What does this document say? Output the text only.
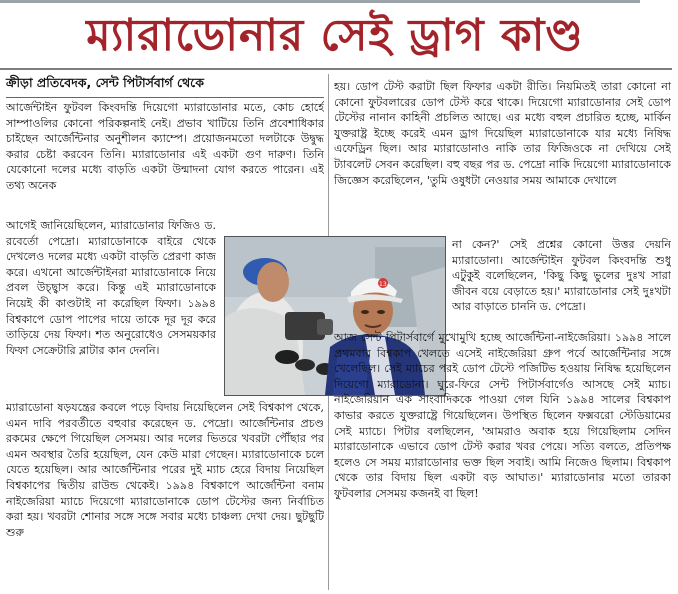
ম্যারাডোনার সেই ড্রাগ কাণ্ড
ক্রীড়া প্রতিবেদক, সেন্ট পিটার্সবার্গ থেকে

আর্জেন্টাইন ফুটবল কিংবদন্তি দিয়েগো ম্যারাডোনার মতে, কোচ হোর্হে সাম্পাওলির কোনো পরিকল্পনাই নেই। প্রভাব খাটিয়ে তিনি প্রবেশাধিকার চাইছেন আর্জেন্টিনার অনুশীলন ক্যাম্পে। প্রয়োজনমতো দলটাকে উদ্বুদ্ধ করার চেষ্টা করবেন তিনি। ম্যারাডোনার এই একটা গুণ দারুণ। তিনি যেকোনো দলের মধ্যে বাড়তি একটা উন্মাদনা যোগ করতে পারেন। এই তথ্য অনেক

আগেই জানিয়েছিলেন, ম্যারাডোনার ফিজিও ড. রবের্তো পেদ্রো। ম্যারাডোনাকে বাইরে থেকে দেখলেও দলের মধ্যে একটা বাড়তি প্রেরণা কাজ করে। এখনো আর্জেন্টাইনরা ম্যারাডোনাকে নিয়ে প্রবল উচ্ছ্বাস করে। কিন্তু এই ম্যারাডোনাকে নিয়েই কী কাণ্ডটাই না করেছিল ফিফা। ১৯৯৪ বিশ্বকাপে ডোপ পাপের দায়ে তাকে দূর দূর করে তাড়িয়ে দেয় ফিফা। শত অনুরোধেও সেসময়কার ফিফা সেক্রেটারি ব্লাটার কান দেননি।

ম্যারাডোনা ষড়যন্ত্রের কবলে পড়ে বিদায় নিয়েছিলেন সেই বিশ্বকাপ থেকে, এমন দাবি পরবর্তীতে বহুবার করেছেন ড. পেদ্রো। আর্জেন্টিনার প্রচণ্ড রকমের ক্ষেপে গিয়েছিল সেসময়। আর দলের ভিতরে খবরটা পৌঁছার পর এমন অবস্থার তৈরি হয়েছিল, যেন কেউ মারা গেছেন। ম্যারাডোনাকে চলে যেতে হয়েছিল। আর আর্জেন্টিনার পরের দুই ম্যাচ হেরে বিদায় নিয়েছিল বিশ্বকাপের দ্বিতীয় রাউন্ড থেকেই। ১৯৯৪ বিশ্বকাপে আর্জেন্টিনা বনাম নাইজেরিয়া ম্যাচে দিয়েগো ম্যারাডোনাকে ডোপ টেস্টের জন্য নির্বাচিত করা হয়। খবরটা শোনার সঙ্গে সঙ্গে সবার মধ্যে চাঞ্চল্য দেখা দেয়। ছুটছুটি শুরু

13

হয়। ডোপ টেস্ট করাটা ছিল ফিফার একটা রীতি। নিয়মিতই তারা কোনো না কোনো ফুটবলারের ডোপ টেস্ট করে থাকে। দিয়েগো ম্যারাডোনার সেই ডোপ টেস্টের নানান কাহিনী প্রচলিত আছে। এর মধ্যে বহুল প্রচারিত হচ্ছে, মার্কিন যুক্তরাষ্ট্র ইচ্ছে করেই এমন ড্রাগ দিয়েছিল ম্যারাডোনাকে যার মধ্যে নিষিদ্ধ এফেড্রিন ছিল। আর ম্যারাডোনাও নাকি তার ফিজিওকে না দেখিয়ে সেই ট্যাবলেট সেবন করেছিল। বহু বছর পর ড. পেদ্রো নাকি দিয়েগো ম্যারাডোনাকে জিজ্ঞেস করেছিলেন, 'তুমি ওষুধটা নেওয়ার সময় আমাকে দেখালে

না কেন?' সেই প্রশ্নের কোনো উত্তর দেয়নি ম্যারাডোনা। আর্জেন্টাইন ফুটবল কিংবদন্তি শুধু এটুকুই বলেছিলেন, 'কিছু কিছু ভুলের দুঃখ সারা জীবন বয়ে বেড়াতে হয়।' ম্যারাডোনার সেই দুঃখটা আর বাড়াতে চাননি ড. পেদ্রো।

আজ সেন্ট পিটার্সবার্গে মুখোমুখি হচ্ছে আর্জেন্টিনা-নাইজেরিয়া। ১৯৯৪ সালে প্রথমবার বিশ্বকাপ খেলতে এসেই নাইজেরিয়া গ্রুপ পর্বে আর্জেন্টিনার সঙ্গে খেলেছিল। সেই ম্যাচের পরই ডোপ টেস্টে পজিটিভ হওয়ায় নিষিদ্ধ হয়েছিলেন দিয়েগো ম্যারাডোনা। ঘুরে-ফিরে সেন্ট পিটার্সবার্গেও আসছে সেই ম্যাচ। নাইজেরিয়ান এক সাংবাদিককে পাওয়া গেল যিনি ১৯৯৪ সালের বিশ্বকাপ কাভার করতে যুক্তরাষ্ট্রে গিয়েছিলেন। উপস্থিত ছিলেন ফক্সবরো স্টেডিয়ামের সেই ম্যাচে। পিটার বলছিলেন, 'আমরাও অবাক হয়ে গিয়েছিলাম সেদিন ম্যারাডোনাকে এভাবে ডোপ টেস্ট করার খবর পেয়ে। সত্যি বলতে, প্রতিপক্ষ হলেও সে সময় ম্যারাডোনার ভক্ত ছিল সবাই। আমি নিজেও ছিলাম। বিশ্বকাপ থেকে তার বিদায় ছিল একটা বড় আঘাত।' ম্যারাডোনার মতো তারকা ফুটবলার সেসময় কজনই বা ছিল!
